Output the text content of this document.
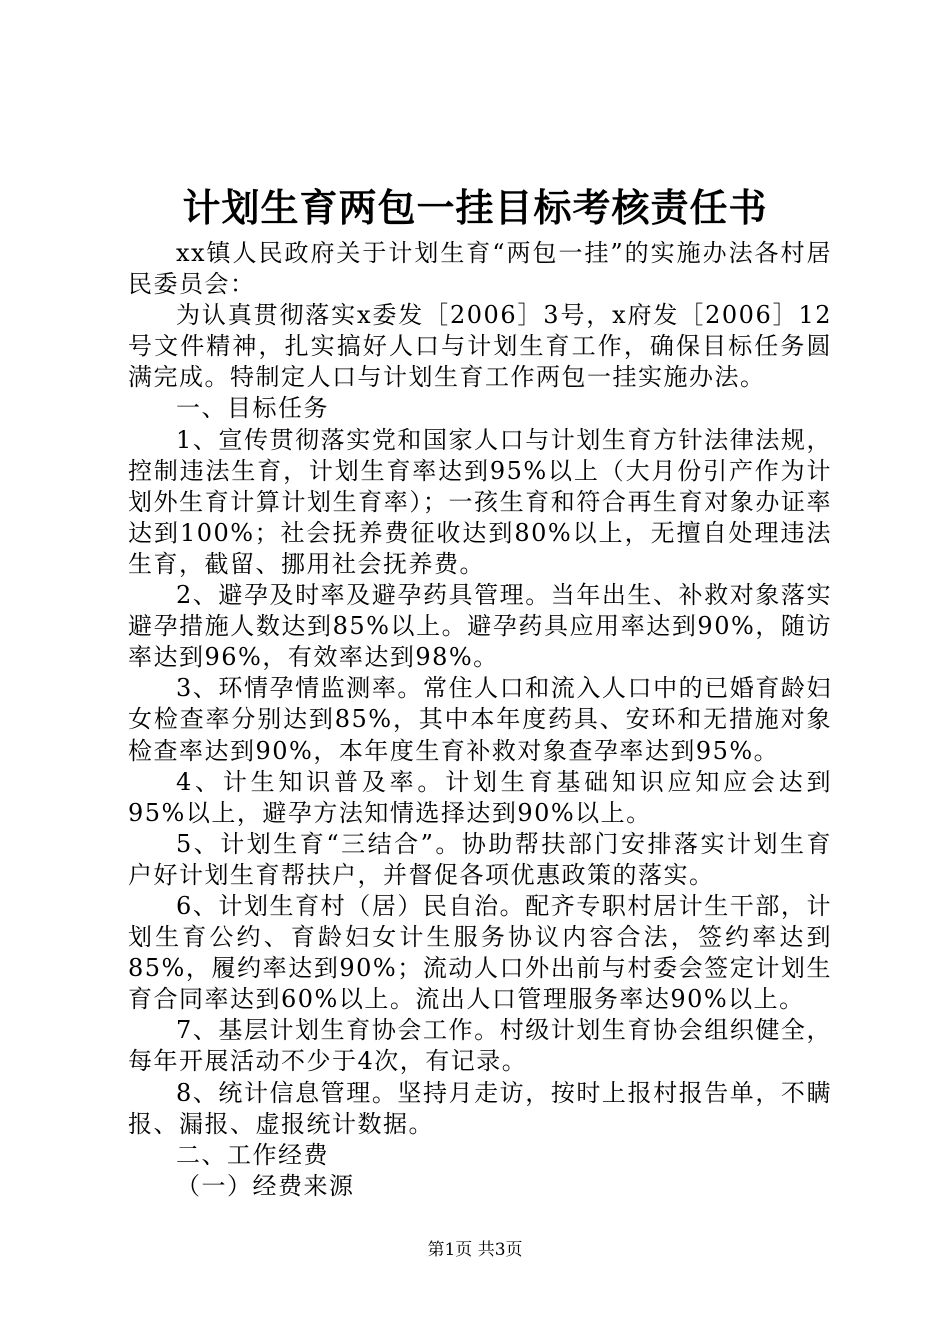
计划生育两包一挂目标考核责任书

xx镇人民政府关于计划生育“两包一挂”的实施办法各村居民委员会：

为认真贯彻落实x委发［2006］3号，x府发［2006］12号文件精神，扎实搞好人口与计划生育工作，确保目标任务圆满完成。特制定人口与计划生育工作两包一挂实施办法。

一、目标任务

1、宣传贯彻落实党和国家人口与计划生育方针法律法规，控制违法生育，计划生育率达到95%以上（大月份引产作为计划外生育计算计划生育率）；一孩生育和符合再生育对象办证率达到100%；社会抚养费征收达到80%以上，无擅自处理违法生育，截留、挪用社会抚养费。

2、避孕及时率及避孕药具管理。当年出生、补救对象落实避孕措施人数达到85%以上。避孕药具应用率达到90%，随访率达到96%，有效率达到98%。

3、环情孕情监测率。常住人口和流入人口中的已婚育龄妇女检查率分别达到85%，其中本年度药具、安环和无措施对象检查率达到90%，本年度生育补救对象查孕率达到95%。

4、计生知识普及率。计划生育基础知识应知应会达到95%以上，避孕方法知情选择达到90%以上。

5、计划生育“三结合”。协助帮扶部门安排落实计划生育户好计划生育帮扶户，并督促各项优惠政策的落实。

6、计划生育村（居）民自治。配齐专职村居计生干部，计划生育公约、育龄妇女计生服务协议内容合法，签约率达到85%，履约率达到90%；流动人口外出前与村委会签定计划生育合同率达到60%以上。流出人口管理服务率达90%以上。

7、基层计划生育协会工作。村级计划生育协会组织健全，每年开展活动不少于4次，有记录。

8、统计信息管理。坚持月走访，按时上报村报告单，不瞒报、漏报、虚报统计数据。

二、工作经费

（一）经费来源

第1页 共3页
